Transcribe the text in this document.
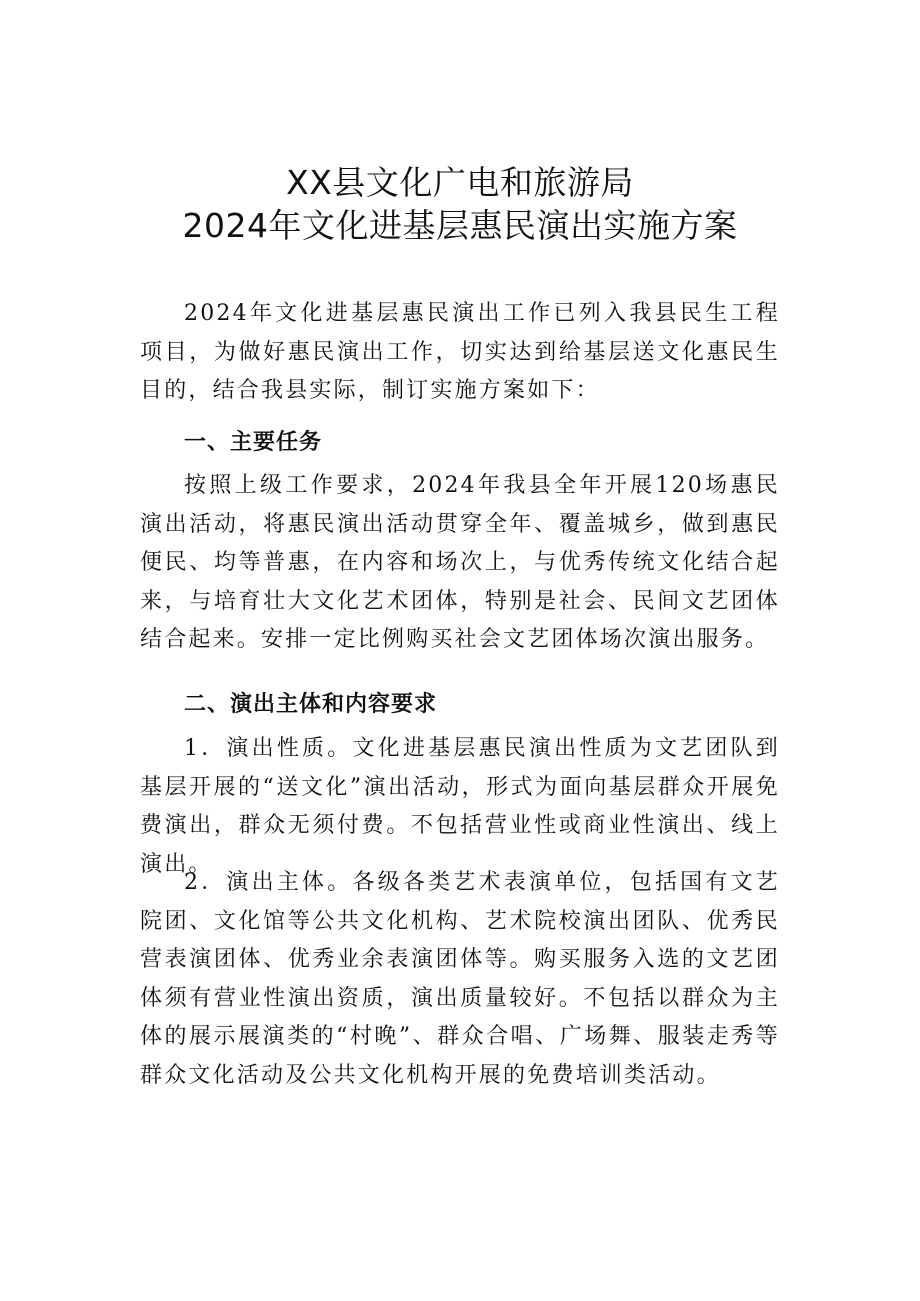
XX县文化广电和旅游局
2024年文化进基层惠民演出实施方案

2024年文化进基层惠民演出工作已列入我县民生工程项目，为做好惠民演出工作，切实达到给基层送文化惠民生目的，结合我县实际，制订实施方案如下：

一、主要任务

按照上级工作要求，2024年我县全年开展120场惠民演出活动，将惠民演出活动贯穿全年、覆盖城乡，做到惠民便民、均等普惠，在内容和场次上，与优秀传统文化结合起来，与培育壮大文化艺术团体，特别是社会、民间文艺团体结合起来。安排一定比例购买社会文艺团体场次演出服务。

二、演出主体和内容要求

1．演出性质。文化进基层惠民演出性质为文艺团队到基层开展的“送文化”演出活动，形式为面向基层群众开展免费演出，群众无须付费。不包括营业性或商业性演出、线上演出。

2．演出主体。各级各类艺术表演单位，包括国有文艺院团、文化馆等公共文化机构、艺术院校演出团队、优秀民营表演团体、优秀业余表演团体等。购买服务入选的文艺团体须有营业性演出资质，演出质量较好。不包括以群众为主体的展示展演类的“村晚”、群众合唱、广场舞、服装走秀等群众文化活动及公共文化机构开展的免费培训类活动。
